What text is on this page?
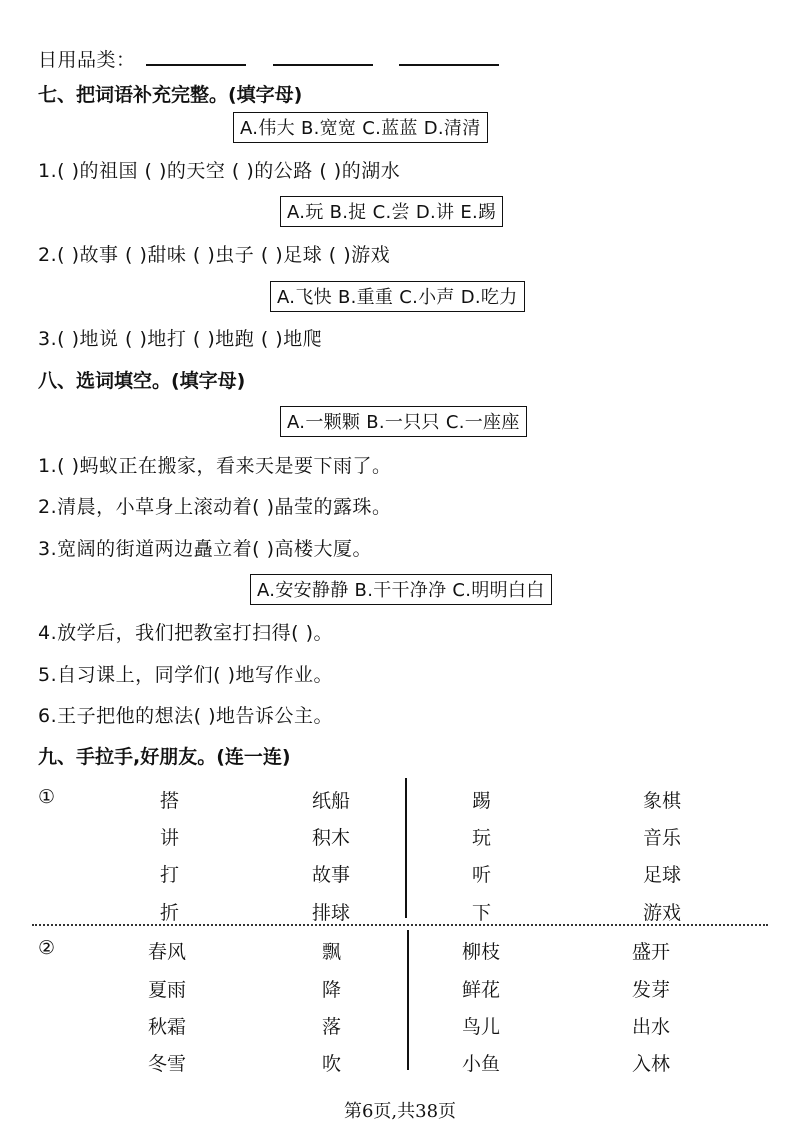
日用品类：
七、把词语补充完整。(填字母)
A.伟大 B.宽宽 C.蓝蓝 D.清清
1.( )的祖国 ( )的天空 ( )的公路 ( )的湖水
A.玩 B.捉 C.尝 D.讲 E.踢
2.( )故事 ( )甜味 ( )虫子 ( )足球 ( )游戏
A.飞快 B.重重 C.小声 D.吃力
3.( )地说 ( )地打 ( )地跑 ( )地爬
八、选词填空。(填字母)
A.一颗颗 B.一只只 C.一座座
1.( )蚂蚁正在搬家，看来天是要下雨了。
2.清晨，小草身上滚动着( )晶莹的露珠。
3.宽阔的街道两边矗立着( )高楼大厦。
A.安安静静 B.干干净净 C.明明白白
4.放学后，我们把教室打扫得( )。
5.自习课上，同学们( )地写作业。
6.王子把他的想法( )地告诉公主。
九、手拉手,好朋友。(连一连)
①	搭
讲
打
折
纸船
积木
故事
排球
踢
玩
听
下
象棋
音乐
足球
游戏
②	春风
夏雨
秋霜
冬雪
飘
降
落
吹
柳枝
鲜花
鸟儿
小鱼
盛开
发芽
出水
入林
第6页,共38页
